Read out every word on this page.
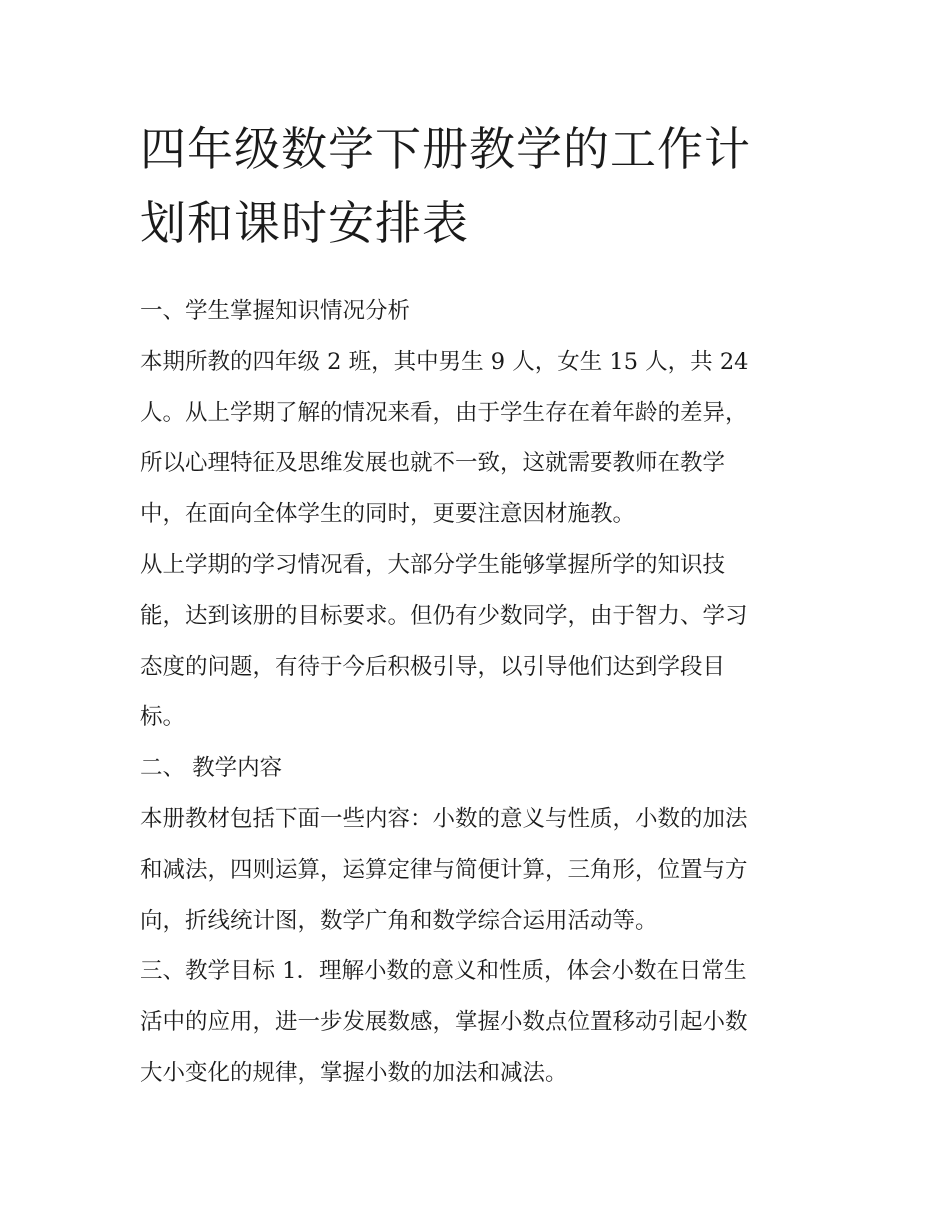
四年级数学下册教学的工作计
划和课时安排表

一、学生掌握知识情况分析

本期所教的四年级 2 班，其中男生 9 人，女生 15 人，共 24
人。从上学期了解的情况来看，由于学生存在着年龄的差异，
所以心理特征及思维发展也就不一致，这就需要教师在教学
中，在面向全体学生的同时，更要注意因材施教。

从上学期的学习情况看，大部分学生能够掌握所学的知识技
能，达到该册的目标要求。但仍有少数同学，由于智力、学习
态度的问题，有待于今后积极引导，以引导他们达到学段目
标。

二、 教学内容

本册教材包括下面一些内容：小数的意义与性质，小数的加法
和减法，四则运算，运算定律与简便计算，三角形，位置与方
向，折线统计图，数学广角和数学综合运用活动等。

三、教学目标 1．理解小数的意义和性质，体会小数在日常生
活中的应用，进一步发展数感，掌握小数点位置移动引起小数
大小变化的规律，掌握小数的加法和减法。
